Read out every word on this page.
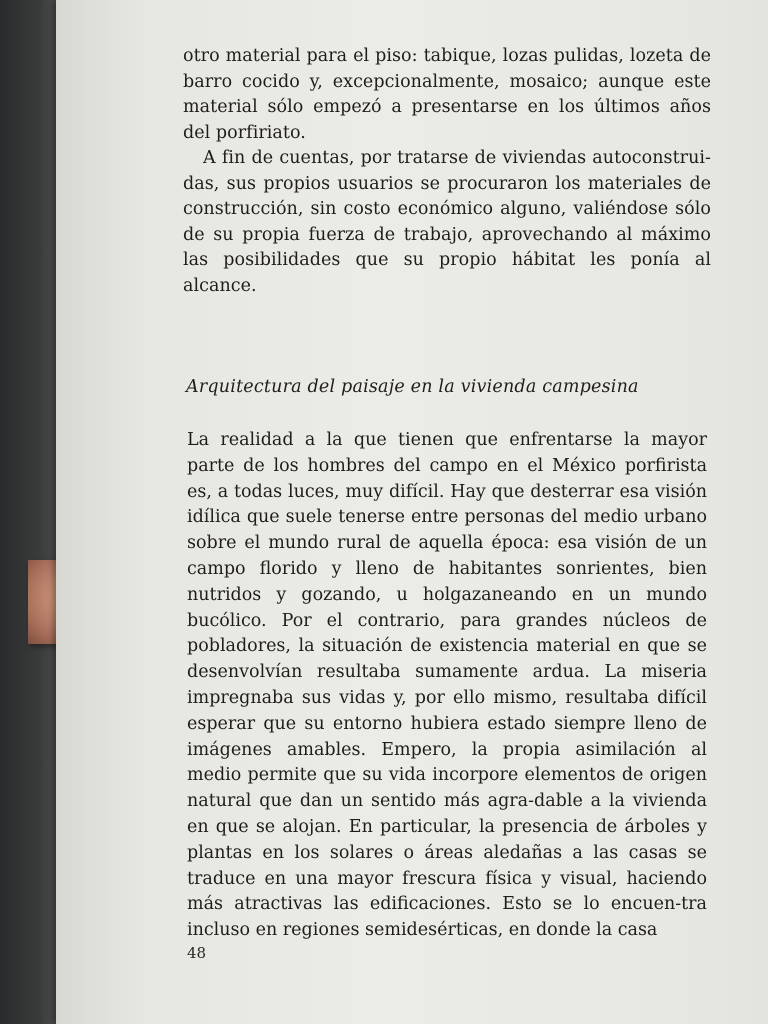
otro material para el piso: tabique, lozas pulidas, lozeta de barro cocido y, excepcionalmente, mosaico; aunque este material sólo empezó a presentarse en los últimos años del porfiriato.

A fin de cuentas, por tratarse de viviendas autoconstrui-das, sus propios usuarios se procuraron los materiales de construcción, sin costo económico alguno, valiéndose sólo de su propia fuerza de trabajo, aprovechando al máximo las posibilidades que su propio hábitat les ponía al alcance.

Arquitectura del paisaje en la vivienda campesina

La realidad a la que tienen que enfrentarse la mayor parte de los hombres del campo en el México porfirista es, a todas luces, muy difícil. Hay que desterrar esa visión idílica que suele tenerse entre personas del medio urbano sobre el mundo rural de aquella época: esa visión de un campo florido y lleno de habitantes sonrientes, bien nutridos y gozando, u holgazaneando en un mundo bucólico. Por el contrario, para grandes núcleos de pobladores, la situación de existencia material en que se desenvolvían resultaba sumamente ardua. La miseria impregnaba sus vidas y, por ello mismo, resultaba difícil esperar que su entorno hubiera estado siempre lleno de imágenes amables. Empero, la propia asimilación al medio permite que su vida incorpore elementos de origen natural que dan un sentido más agra-dable a la vivienda en que se alojan. En particular, la presencia de árboles y plantas en los solares o áreas aledañas a las casas se traduce en una mayor frescura física y visual, haciendo más atractivas las edificaciones. Esto se lo encuen-tra incluso en regiones semidesérticas, en donde la casa

48
